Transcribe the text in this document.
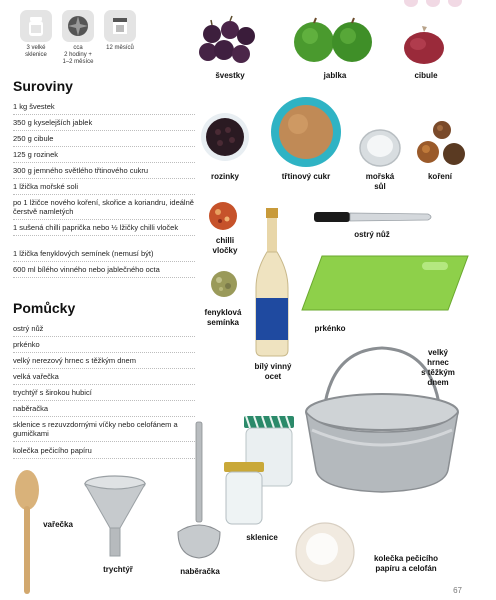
3 velké
sklenice
cca
2 hodiny +
1–2 měsíce
12 měsíců
Suroviny
1 kg švestek
350 g kyselejších jablek
250 g cibule
125 g rozinek
300 g jemného světlého třtinového cukru
1 lžička mořské soli
po 1 lžičce nového koření, skořice a koriandru, ideálně čerstvě namletých
1 sušená chilli paprička nebo ½ lžičky chilli vloček
1 lžička fenyklových semínek (nemusí být)
600 ml bílého vinného nebo jablečného octa
Pomůcky
ostrý nůž
prkénko
velký nerezový hrnec s těžkým dnem
velká vařečka
trychtýř s širokou hubicí
naběračka
sklenice s rezuvzdornými víčky nebo celofánem a gumičkami
kolečka pečicího papíru
švestky	jablka	cibule
rozinky	třtinový cukr	mořská
sůl
koření
chilli
vločky
fenyklová
semínka
bílý vinný
ocet
ostrý nůž
prkénko
velký
hrnec
s těžkým
dnem
vařečka
trychtýř	naběračka
sklenice
kolečka pečicího
papíru a celofán
67
